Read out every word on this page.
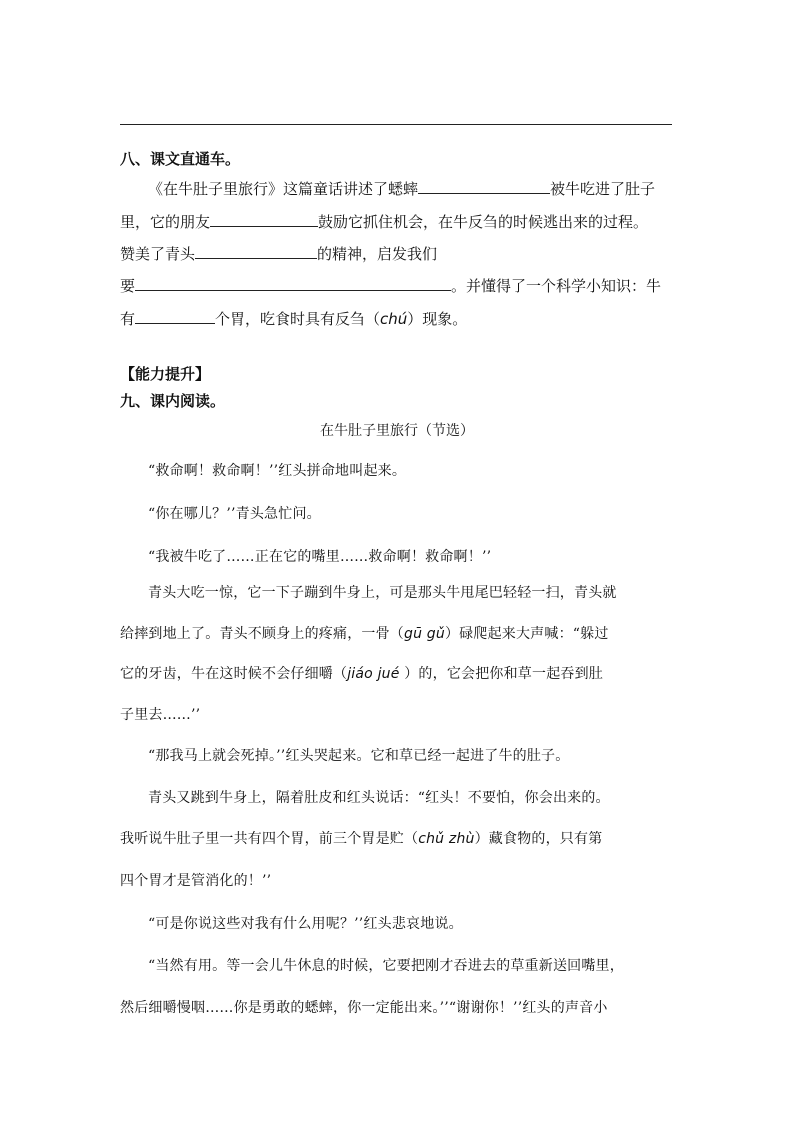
八、课文直通车。
《在牛肚子里旅行》这篇童话讲述了蟋蟀	被牛吃进了肚子
里，它的朋友	鼓励它抓住机会，在牛反刍的时候逃出来的过程。
赞美了青头	的精神，启发我们
要	。并懂得了一个科学小知识：牛
有	个胃，吃食时具有反刍（chú）现象。
【能力提升】
九、课内阅读。
在牛肚子里旅行（节选）
“救命啊！救命啊！’’红头拼命地叫起来。
“你在哪儿？’’青头急忙问。
“我被牛吃了……正在它的嘴里……救命啊！救命啊！’’
青头大吃一惊，它一下子蹦到牛身上，可是那头牛甩尾巴轻轻一扫，青头就
给摔到地上了。青头不顾身上的疼痛，一骨（gū gǔ）碌爬起来大声喊：“躲过
它的牙齿，牛在这时候不会仔细嚼（jiáo jué ）的，它会把你和草一起吞到肚
子里去……’’
“那我马上就会死掉。’’红头哭起来。它和草已经一起进了牛的肚子。
青头又跳到牛身上，隔着肚皮和红头说话：“红头！不要怕，你会出来的。
我听说牛肚子里一共有四个胃，前三个胃是贮（chǔ zhù）藏食物的，只有第
四个胃才是管消化的！’’
“可是你说这些对我有什么用呢？’’红头悲哀地说。
“当然有用。等一会儿牛休息的时候，它要把刚才吞进去的草重新送回嘴里，
然后细嚼慢咽……你是勇敢的蟋蟀，你一定能出来。’’“谢谢你！’’红头的声音小
